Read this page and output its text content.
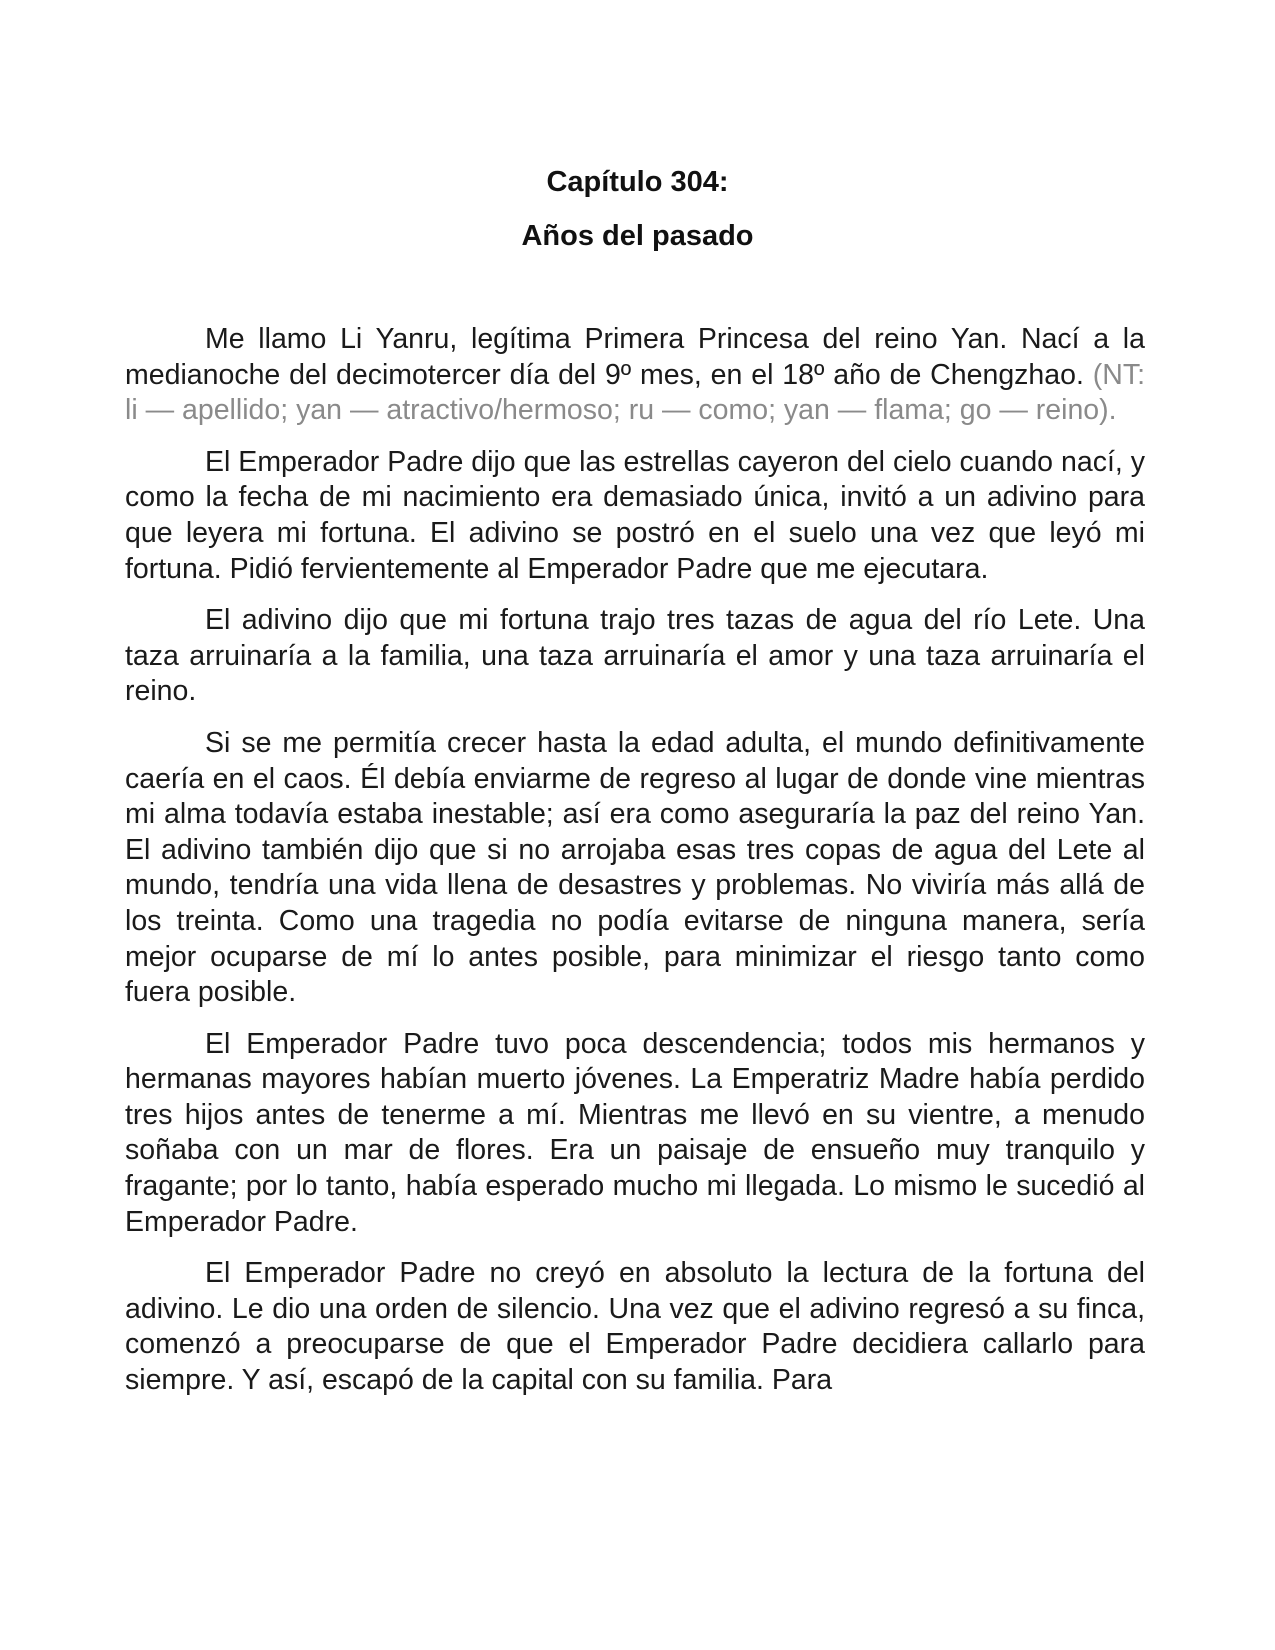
Capítulo 304:
Años del pasado

Me llamo Li Yanru, legítima Primera Princesa del reino Yan. Nací a la medianoche del decimotercer día del 9º mes, en el 18º año de Chengzhao. (NT: li — apellido; yan — atractivo/hermoso; ru — como; yan — flama; go — reino).

El Emperador Padre dijo que las estrellas cayeron del cielo cuando nací, y como la fecha de mi nacimiento era demasiado única, invitó a un adivino para que leyera mi fortuna. El adivino se postró en el suelo una vez que leyó mi fortuna. Pidió fervientemente al Emperador Padre que me ejecutara.

El adivino dijo que mi fortuna trajo tres tazas de agua del río Lete. Una taza arruinaría a la familia, una taza arruinaría el amor y una taza arruinaría el reino.

Si se me permitía crecer hasta la edad adulta, el mundo definitivamente caería en el caos. Él debía enviarme de regreso al lugar de donde vine mientras mi alma todavía estaba inestable; así era como aseguraría la paz del reino Yan. El adivino también dijo que si no arrojaba esas tres copas de agua del Lete al mundo, tendría una vida llena de desastres y problemas. No viviría más allá de los treinta. Como una tragedia no podía evitarse de ninguna manera, sería mejor ocuparse de mí lo antes posible, para minimizar el riesgo tanto como fuera posible.

El Emperador Padre tuvo poca descendencia; todos mis hermanos y hermanas mayores habían muerto jóvenes. La Emperatriz Madre había perdido tres hijos antes de tenerme a mí. Mientras me llevó en su vientre, a menudo soñaba con un mar de flores. Era un paisaje de ensueño muy tranquilo y fragante; por lo tanto, había esperado mucho mi llegada. Lo mismo le sucedió al Emperador Padre.

El Emperador Padre no creyó en absoluto la lectura de la fortuna del adivino. Le dio una orden de silencio. Una vez que el adivino regresó a su finca, comenzó a preocuparse de que el Emperador Padre decidiera callarlo para siempre. Y así, escapó de la capital con su familia. Para
